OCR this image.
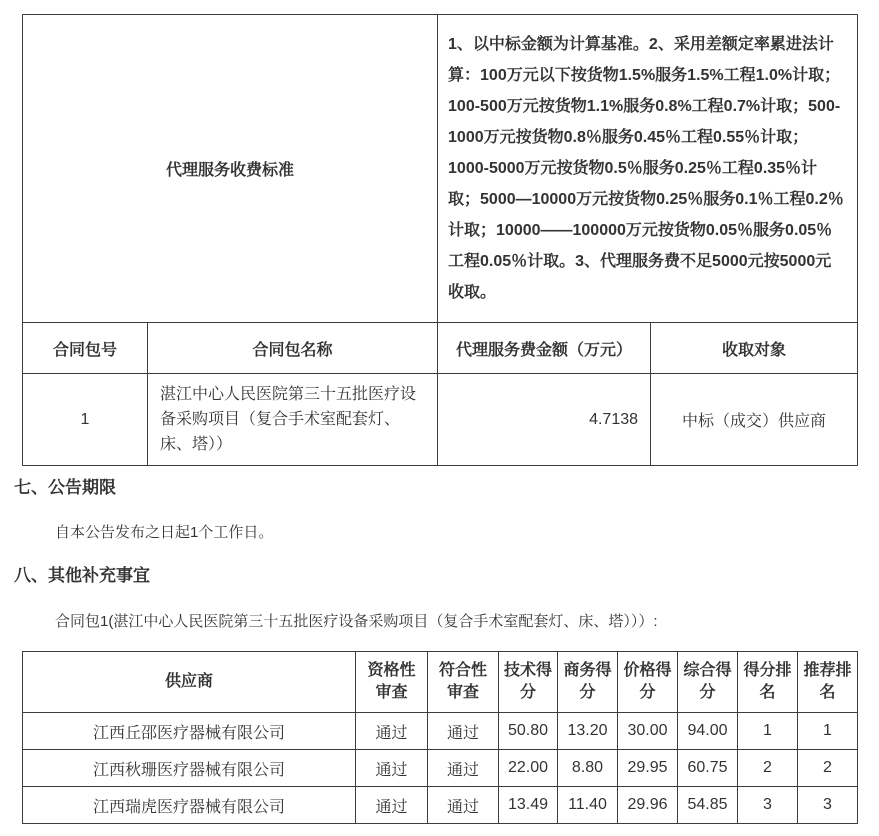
代理服务收费标准		1、以中标金额为计算基准。2、采用差额定率累进法计算：100万元以下按货物1.5%服务1.5%工程1.0%计取；100-500万元按货物1.1%服务0.8%工程0.7%计取；500-1000万元按货物0.8％服务0.45％工程0.55％计取；1000-5000万元按货物0.5％服务0.25％工程0.35％计取；5000—10000万元按货物0.25％服务0.1％工程0.2％计取；10000——100000万元按货物0.05％服务0.05％工程0.05％计取。3、代理服务费不足5000元按5000元收取。	
合同包号	合同包名称	代理服务费金额（万元）	收取对象
1	湛江中心人民医院第三十五批医疗设备采购项目（复合手术室配套灯、床、塔））	4.7138	中标（成交）供应商
七、公告期限
自本公告发布之日起1个工作日。
八、其他补充事宜
合同包1(湛江中心人民医院第三十五批医疗设备采购项目（复合手术室配套灯、床、塔）））:
供应商	资格性审查	符合性审查	技术得分	商务得分	价格得分	综合得分	得分排名	推荐排名
江西丘邵医疗器械有限公司	通过	通过	50.80	13.20	30.00	94.00	1	1
江西秋珊医疗器械有限公司	通过	通过	22.00	8.80	29.95	60.75	2	2
江西瑞虎医疗器械有限公司	通过	通过	13.49	11.40	29.96	54.85	3	3
